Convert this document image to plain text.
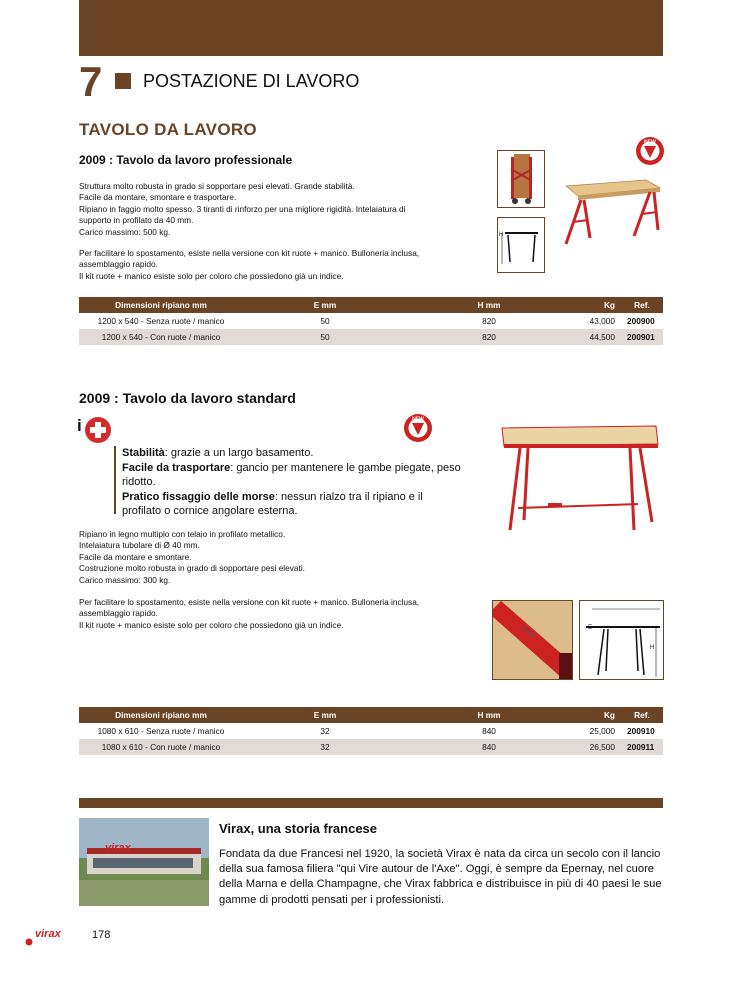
7 POSTAZIONE DI LAVORO
TAVOLO DA LAVORO
2009 : Tavolo da lavoro professionale
Struttura molto robusta in grado si sopportare pesi elevati. Grande stabilità.
Facile da montare, smontare e trasportare.
Ripiano in faggio molto spesso. 3 tiranti di rinforzo per una migliore rigidità. Intelaiatura di
supporto in profilato da 40 mm.
Carico massimo: 500 kg.
Per facilitare lo spostamento, esiste nella versione con kit ruote + manico. Bulloneria inclusa,
assemblaggio rapido.
Il kit ruote + manico esiste solo per coloro che possiedono già un indice.
H
NEW
Dimensioni ripiano mm	E mm	H mm	Kg	Ref.
1200 x 540 - Senza ruote / manico	50	820	43,000	200900
1200 x 540 - Con ruote / manico	50	820	44,500	200901
2009 : Tavolo da lavoro standard
i	NEW
Stabilità: grazie a un largo basamento.
Facile da trasportare: gancio per mantenere le gambe piegate, peso ridotto.
Pratico fissaggio delle morse: nessun rialzo tra il ripiano e il profilato o cornice angolare esterna.
Ripiano in legno multiplo con telaio in profilato metallico.
Intelaiatura tubolare di Ø 40 mm.
Facile da montare e smontare.
Costruzione molto robusta in grado di sopportare pesi elevati.
Carico massimo: 300 kg.
Per facilitare lo spostamento, esiste nella versione con kit ruote + manico. Bulloneria inclusa,
assemblaggio rapido.
Il kit ruote + manico esiste solo per coloro che possiedono già un indice.
virax	E
H
Dimensioni ripiano mm	E mm	H mm	Kg	Ref.
1080 x 610 - Senza ruote / manico	32	840	25,000	200910
1080 x 610 - Con ruote / manico	32	840	26,500	200911
virax
Virax, una storia francese
Fondata da due Francesi nel 1920, la società Virax è nata da circa un secolo con il lancio della sua famosa filiera "qui Vire autour de l'Axe". Oggi, è sempre da Epernay, nel cuore della Marna e della Champagne, che Virax fabbrica e distribuisce in più di 40 paesi le sue gamme di prodotti pensati per i professionisti.
virax	178
